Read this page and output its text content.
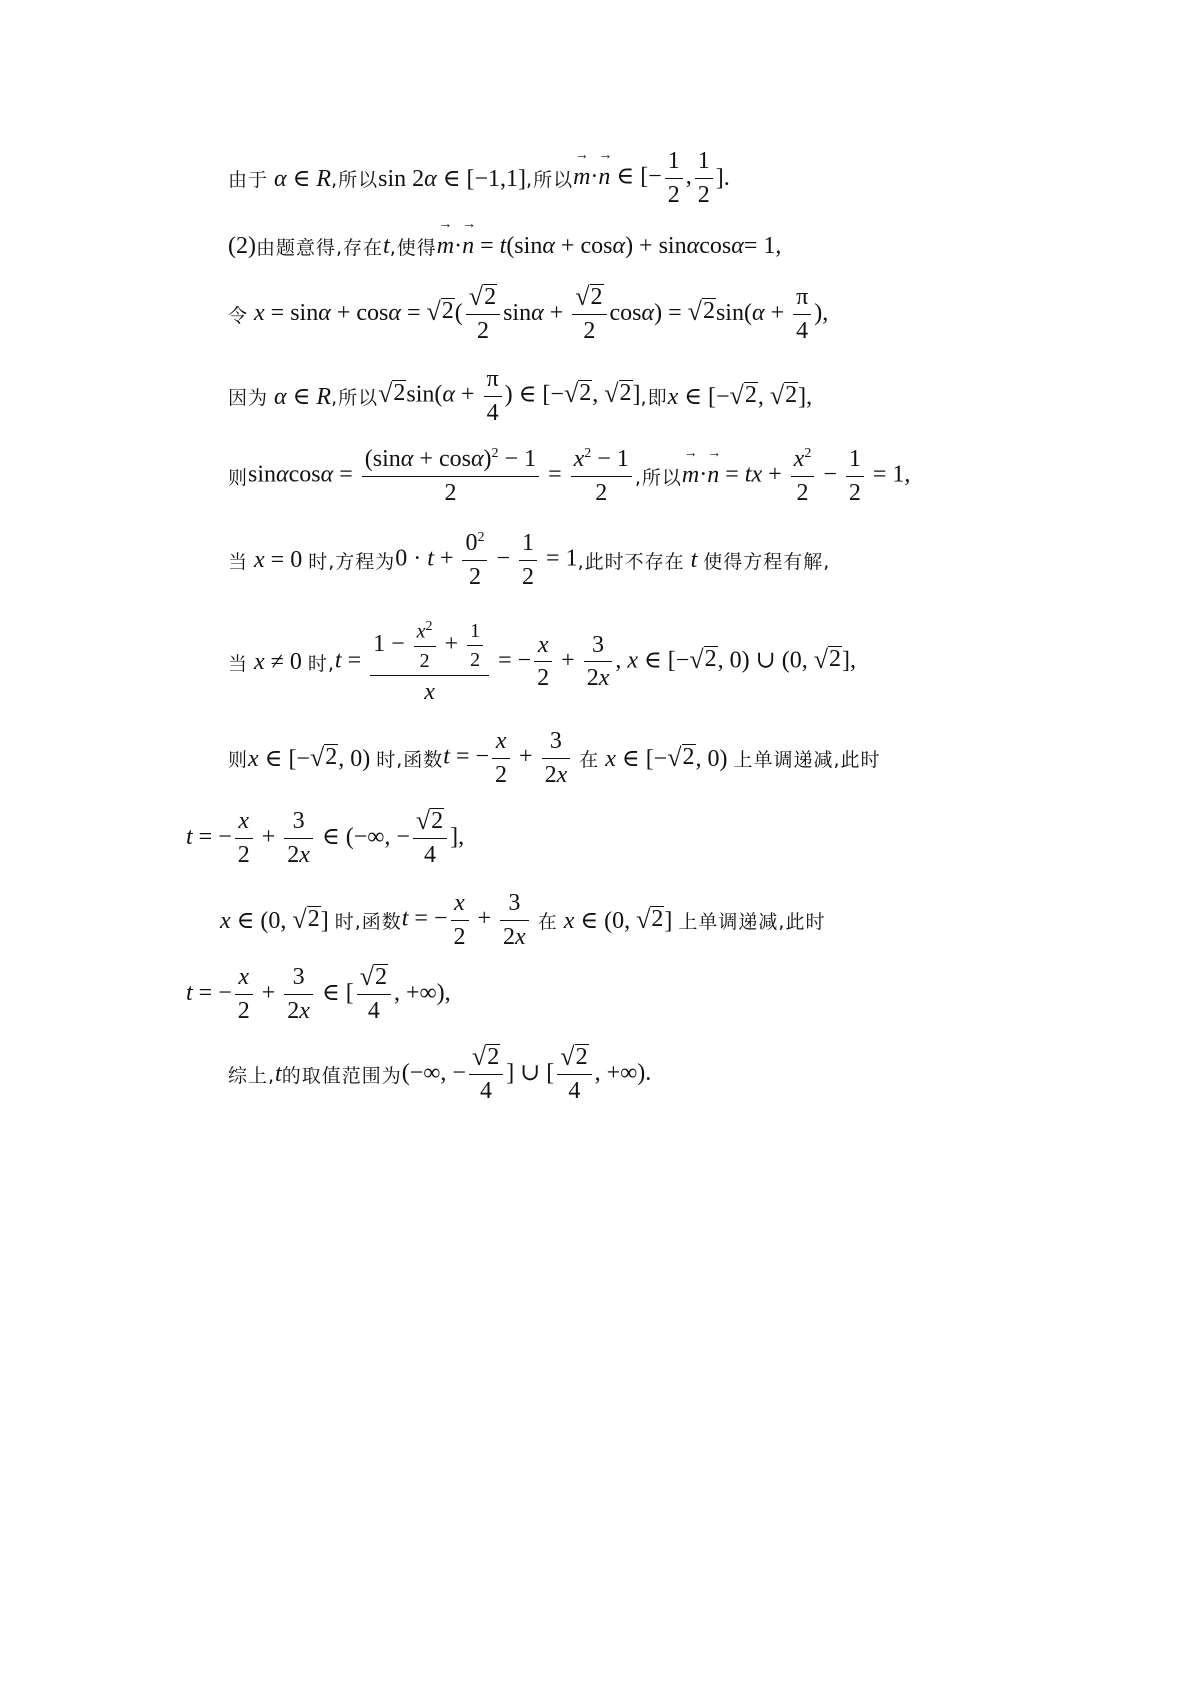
由于 α ∈ R ,所以 sin 2α ∈ [−1,1] ,所以 → m·→ n ∈ [− $\frac{1}{2}$ , $\frac{1}{2}$ ].
(2) 由题意得,存在 t ,使得 → m·→ n = t(sinα + cosα) + sinαcosα = 1,
令 x = sinα + cosα = √ 2 ( $\frac{√ 2}{2}$ $\sin\alpha + \frac{√ 2}{2} \cos\alpha$) = √ 2 $\sin(\alpha + \frac{\pi}{4}$ ),
因为 α ∈ R ,所以 √ 2 $\sin(\alpha + \frac{\pi}{4}$ ) ∈ [− √ 2 , √ 2 ] ,即 x ∈ [− √ 2 , √ 2 ],
则 $\sin\alpha\cos\alpha = \frac{(\sin\alpha + \cos\alpha)^2 - 1}{2} = \frac{x^2 - 1}{2}$ ,所以 → m·→ n = tx + $\frac{x^2}{2} - \frac{1}{2} = 1$,
当 x = 0 时,方程为 $0 \cdot t + \frac{0^2}{2} - \frac{1}{2} = 1$ ,此时不存在 t 使得方程有解,
当 x ≠ 0 时, $t = \frac{1 - \frac{x^2}{2} + \frac{1}{2}}{x}$ = − $\frac{x}{2} + \frac{3}{2x}$ , x ∈ [− √ 2 , 0) ∪ (0, √ 2 ],
则 x ∈ [− √ 2 , 0) 时,函数 t = − $\frac{x}{2} + \frac{3}{2x}$
在 x ∈ [− √ 2 , 0) 上单调递减,此时
t = − $\frac{x}{2} + \frac{3}{2x}$ ∈ (−∞, − $\frac{√ 2}{4}$ ],
x ∈ (0, √ 2 ] 时,函数 t = − $\frac{x}{2} + \frac{3}{2x}$
在 x ∈ (0, √ 2 ] 上单调递减,此时
t = − $\frac{x}{2} + \frac{3}{2x}$ ∈ [ $\frac{√ 2}{4}$ , +∞),
综上, t 的取值范围为 (−∞, − $\frac{√ 2}{4}$ ] ∪ [ $\frac{√ 2}{4}$ , +∞).
